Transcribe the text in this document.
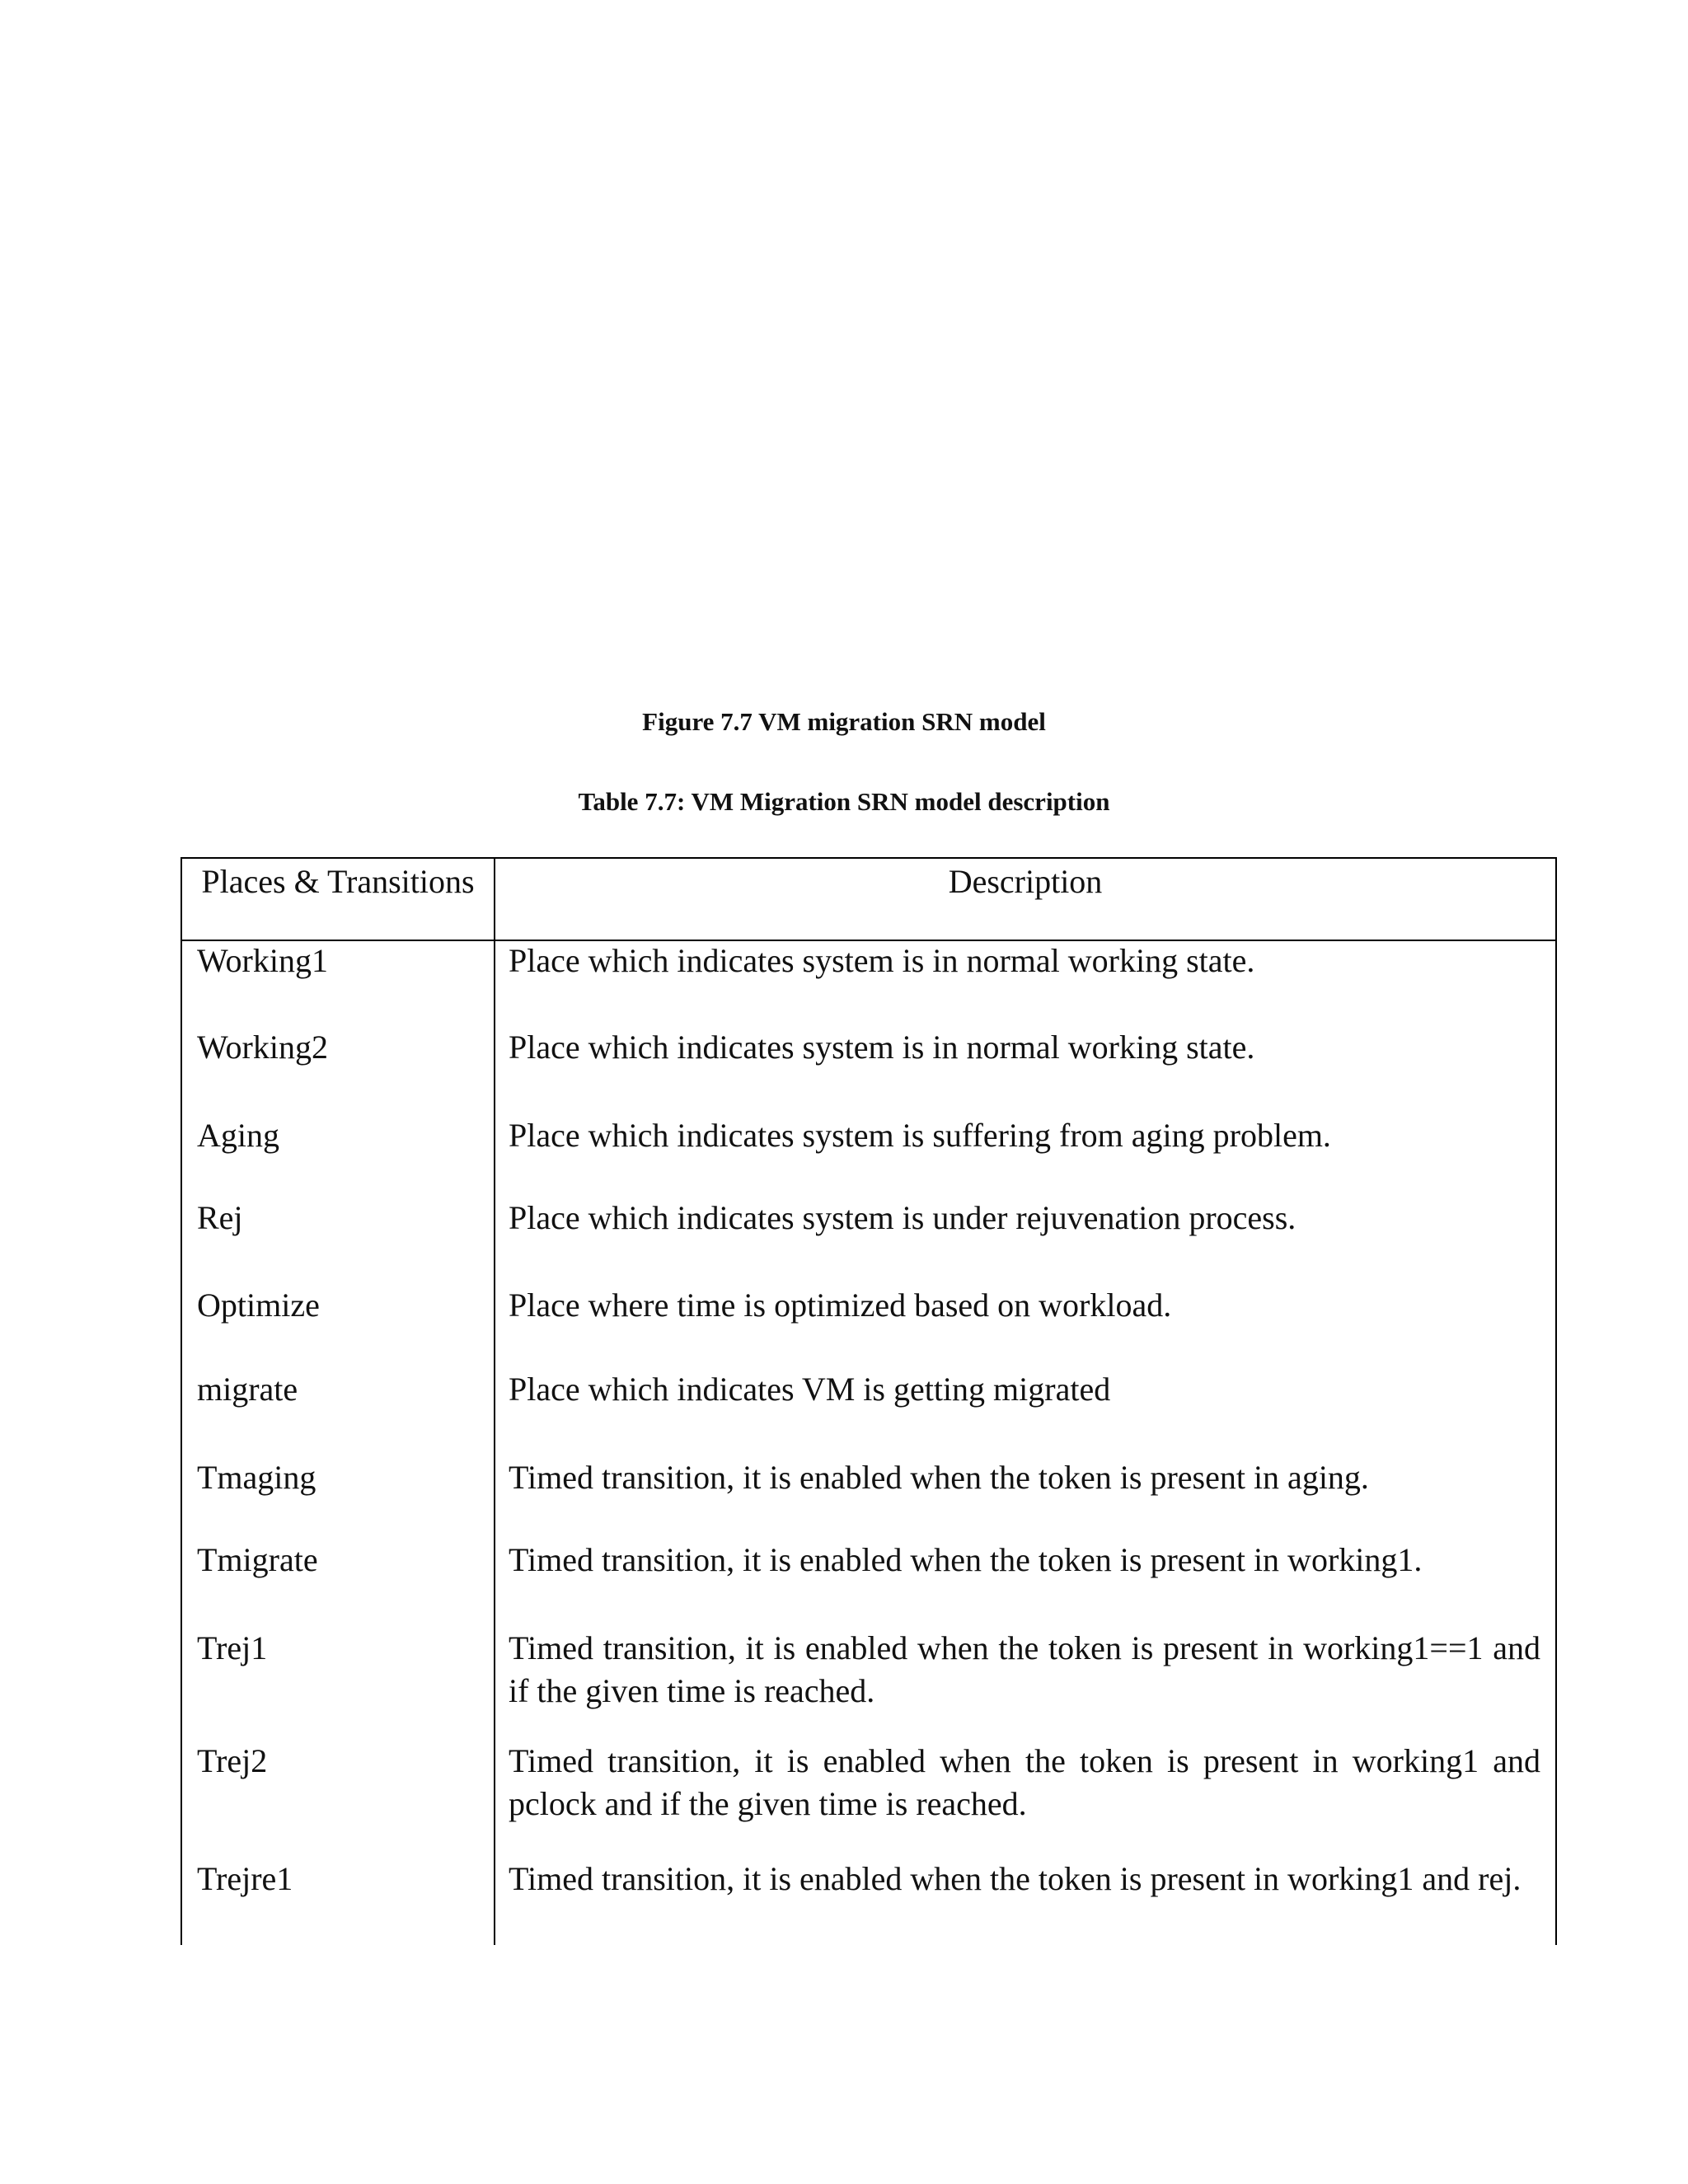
Figure 7.7 VM migration SRN model
Table 7.7: VM Migration SRN model description
Places & Transitions	Description
Working1	Place which indicates system is in normal working state.
Working2	Place which indicates system is in normal working state.
Aging	Place which indicates system is suffering from aging problem.
Rej	Place which indicates system is under rejuvenation process.
Optimize	Place where time is optimized based on workload.
migrate	Place which indicates VM is getting migrated
Tmaging	Timed transition, it is enabled when the token is present in aging.
Tmigrate	Timed transition, it is enabled when the token is present in working1.
Trej1	Timed transition, it is enabled when the token is present in working1==1 and if the given time is reached.
Trej2	Timed transition, it is enabled when the token is present in working1 and pclock and if the given time is reached.
Trejre1	Timed transition, it is enabled when the token is present in working1 and rej.
